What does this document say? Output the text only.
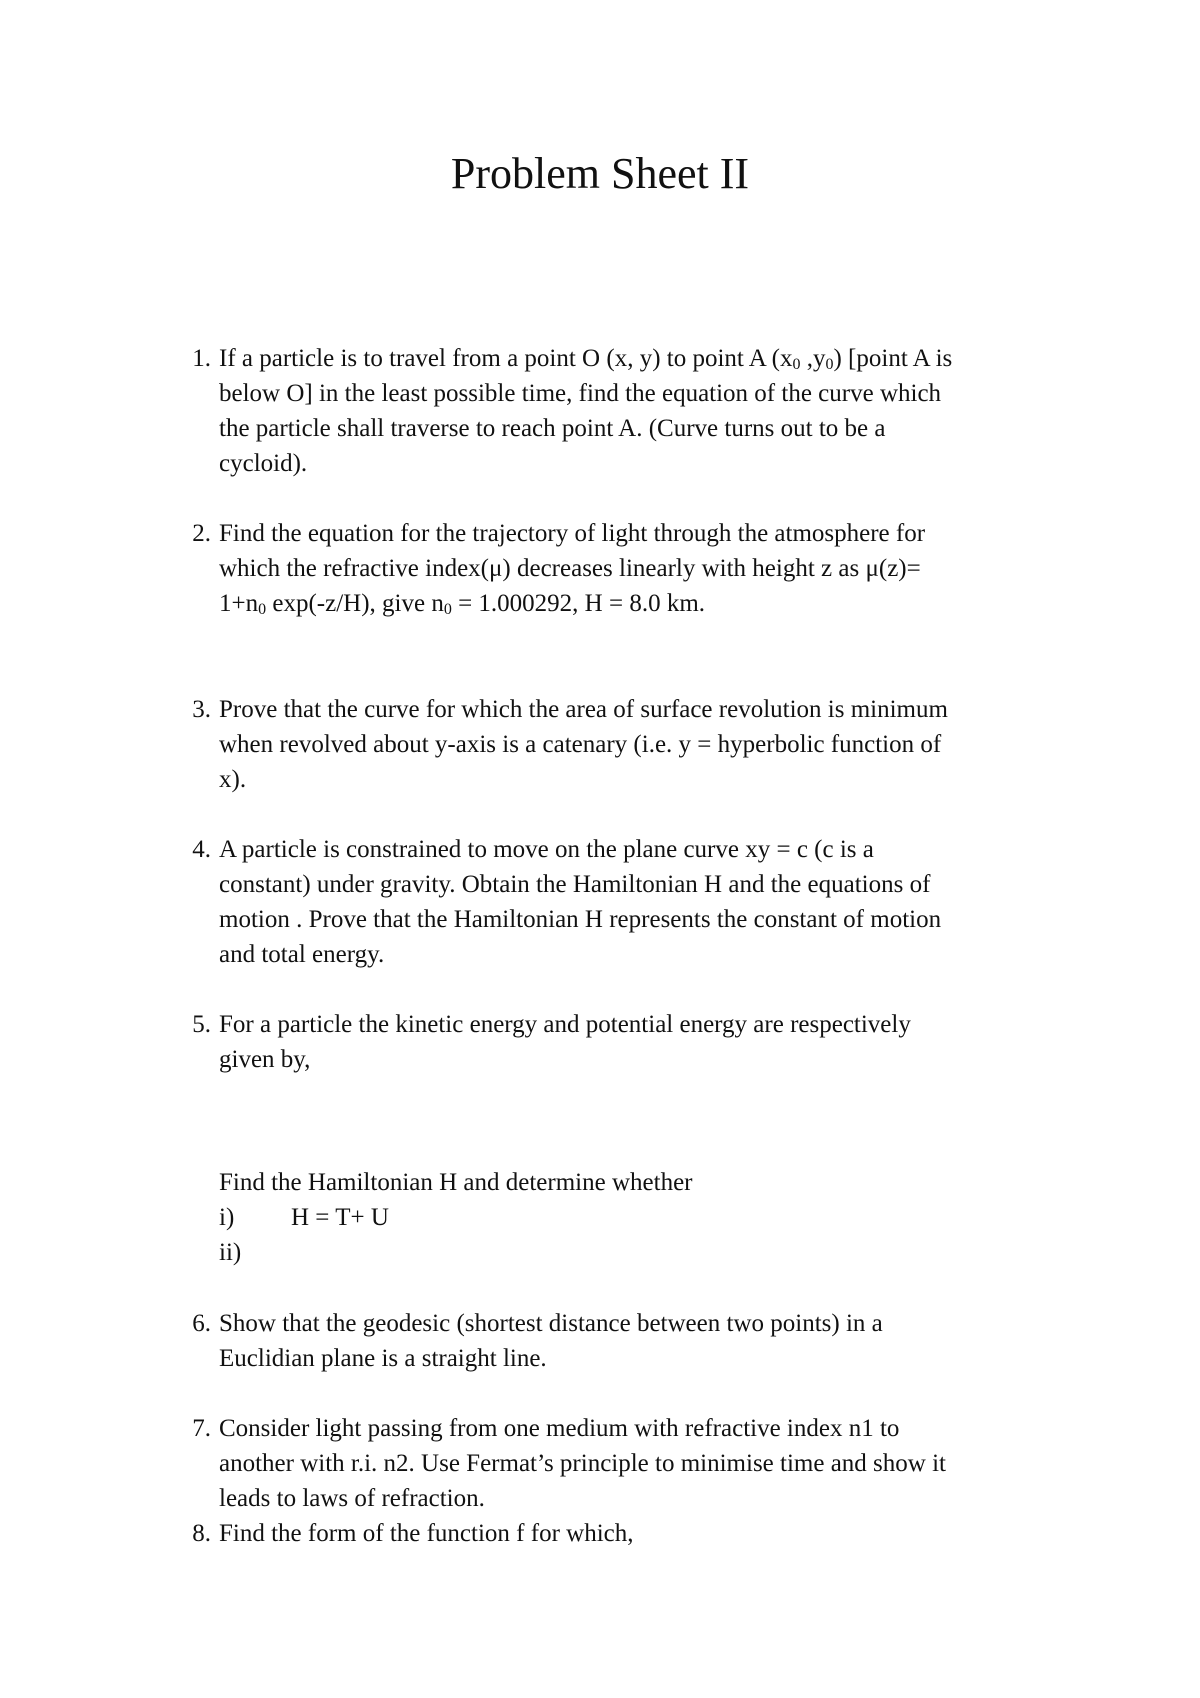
Problem Sheet II
1. If a particle is to travel from a point O (x, y) to point A ($x_0$ $,y_0$) [point A is
below O] in the least possible time, find the equation of the curve which
the particle shall traverse to reach point A. (Curve turns out to be a
cycloid).
2. Find the equation for the trajectory of light through the atmosphere for
which the refractive index(μ) decreases linearly with height z as μ(z)=
$1+n_0$ exp(-z/H), give $n_0 = 1.000292$, H = 8.0 km.
3. Prove that the curve for which the area of surface revolution is minimum
when revolved about y-axis is a catenary (i.e. y = hyperbolic function of
x).
4. A particle is constrained to move on the plane curve xy = c (c is a
constant) under gravity. Obtain the Hamiltonian H and the equations of
motion . Prove that the Hamiltonian H represents the constant of motion
and total energy.
5. For a particle the kinetic energy and potential energy are respectively
given by,
Find the Hamiltonian H and determine whether
i) H = T+ U
ii)
6. Show that the geodesic (shortest distance between two points) in a
Euclidian plane is a straight line.
7. Consider light passing from one medium with refractive index n1 to
another with r.i. n2. Use Fermat’s principle to minimise time and show it
leads to laws of refraction.
8. Find the form of the function f for which,
